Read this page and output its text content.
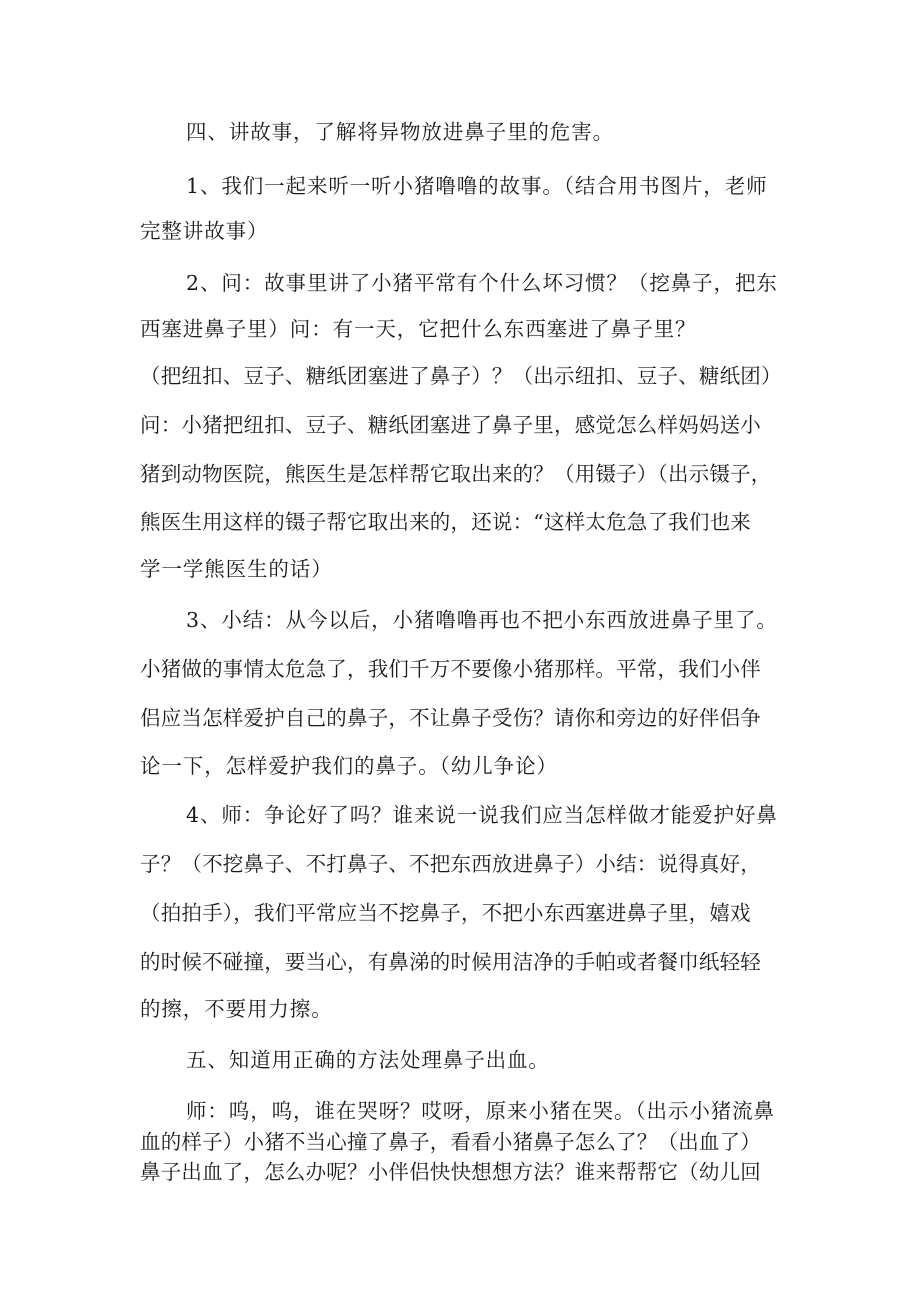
四、讲故事，了解将异物放进鼻子里的危害。
1、我们一起来听一听小猪噜噜的故事。（结合用书图片，老师
完整讲故事）
2、问：故事里讲了小猪平常有个什么坏习惯？（挖鼻子，把东
西塞进鼻子里）问：有一天，它把什么东西塞进了鼻子里？
（把纽扣、豆子、糖纸团塞进了鼻子）？（出示纽扣、豆子、糖纸团）
问：小猪把纽扣、豆子、糖纸团塞进了鼻子里，感觉怎么样妈妈送小
猪到动物医院，熊医生是怎样帮它取出来的？（用镊子）（出示镊子，
熊医生用这样的镊子帮它取出来的，还说：“这样太危急了我们也来
学一学熊医生的话）
3、小结：从今以后，小猪噜噜再也不把小东西放进鼻子里了。
小猪做的事情太危急了，我们千万不要像小猪那样。平常，我们小伴
侣应当怎样爱护自己的鼻子，不让鼻子受伤？请你和旁边的好伴侣争
论一下，怎样爱护我们的鼻子。（幼儿争论）
4、师：争论好了吗？谁来说一说我们应当怎样做才能爱护好鼻
子？（不挖鼻子、不打鼻子、不把东西放进鼻子）小结：说得真好，
（拍拍手），我们平常应当不挖鼻子，不把小东西塞进鼻子里，嬉戏
的时候不碰撞，要当心，有鼻涕的时候用洁净的手帕或者餐巾纸轻轻
的擦，不要用力擦。
五、知道用正确的方法处理鼻子出血。
师：呜，呜，谁在哭呀？哎呀，原来小猪在哭。（出示小猪流鼻
血的样子）小猪不当心撞了鼻子，看看小猪鼻子怎么了？（出血了）
鼻子出血了，怎么办呢？小伴侣快快想想方法？谁来帮帮它（幼儿回
